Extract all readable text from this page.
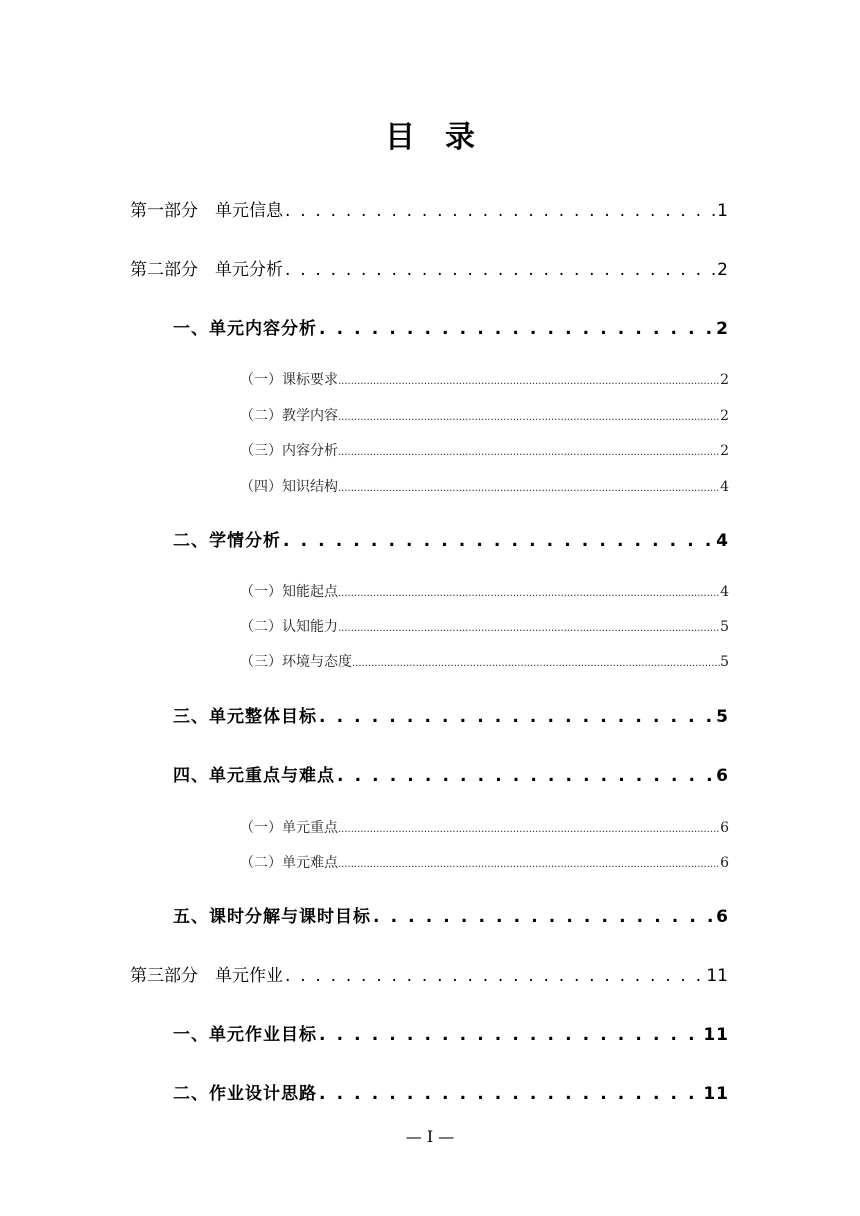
目　录
第一部分　单元信息 . . .	1
第二部分　单元分析 . . .	2
一、单元内容分析 . . .	2
（一）课标要求 .....	2
（二）教学内容 .....	2
（三）内容分析 .....	2
（四）知识结构 .....	4
二、学情分析 . . .	4
（一）知能起点 .....	4
（二）认知能力 .....	5
（三）环境与态度 .....	5
三、单元整体目标 . . .	5
四、单元重点与难点 . . .	6
（一）单元重点 .....	6
（二）单元难点 .....	6
五、课时分解与课时目标 . . .	6
第三部分　单元作业 . . .	11
一、单元作业目标 . . .	11
二、作业设计思路 . . .	11
— I —
